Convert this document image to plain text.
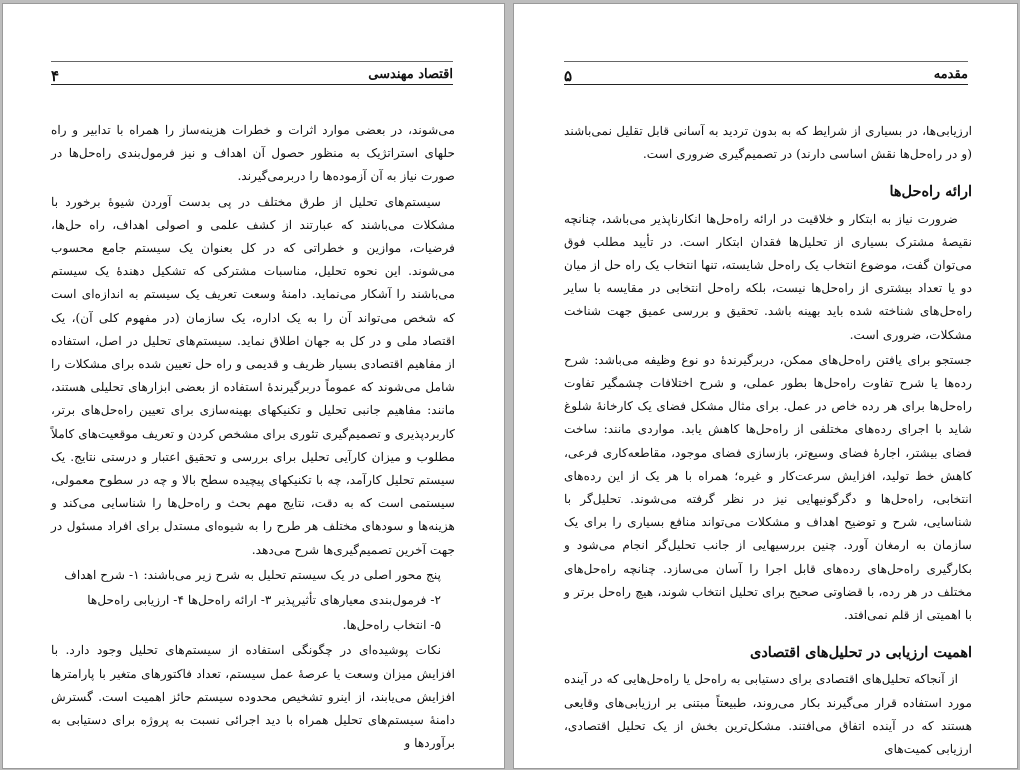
اقتصاد مهندسی
۴

می‌شوند، در بعضی موارد اثرات و خطرات هزینه‌ساز را همراه با تدابیر و راه حلهای استراتژیک به منظور حصول آن اهداف و نیز فرمول‌بندی راه‌حل‌ها در صورت نیاز به آن آزموده‌ها را دربرمی‌گیرند.

سیستم‌های تحلیل از طرق مختلف در پی بدست آوردن شیوهٔ برخورد با مشکلات می‌باشند که عبارتند از کشف علمی و اصولی اهداف، راه حل‌ها، فرضیات، موازین و خطراتی که در کل بعنوان یک سیستم جامع محسوب می‌شوند. این نحوه تحلیل، مناسبات مشترکی که تشکیل دهندهٔ یک سیستم می‌باشند را آشکار می‌نماید. دامنهٔ وسعت تعریف یک سیستم به اندازه‌ای است که شخص می‌تواند آن را به یک اداره، یک سازمان (در مفهوم کلی آن)، یک اقتصاد ملی و در کل به جهان اطلاق نماید. سیستم‌های تحلیل در اصل، استفاده از مفاهیم اقتصادی بسیار ظریف و قدیمی و راه حل تعیین شده برای مشکلات را شامل می‌شوند که عموماً دربرگیرندهٔ استفاده از بعضی ابزارهای تحلیلی هستند، مانند: مفاهیم جانبی تحلیل و تکنیکهای بهینه‌سازی برای تعیین راه‌حل‌های برتر، کاربردپذیری و تصمیم‌گیری تئوری برای مشخص کردن و تعریف موقعیت‌های کاملاً مطلوب و میزان کارآیی تحلیل برای بررسی و تحقیق اعتبار و درستی نتایج. یک سیستم تحلیل کارآمد، چه با تکنیکهای پیچیده سطح بالا و چه در سطوح معمولی، سیستمی است که به دقت، نتایج مهم بحث و راه‌حل‌ها را شناسایی می‌کند و هزینه‌ها و سودهای مختلف هر طرح را به شیوه‌ای مستدل برای افراد مسئول در جهت آخرین تصمیم‌گیری‌ها شرح می‌دهد.

پنج محور اصلی در یک سیستم تحلیل به شرح زیر می‌باشند: ۱- شرح اهداف

۲- فرمول‌بندی معیارهای تأثیرپذیر ۳- ارائه راه‌حل‌ها ۴- ارزیابی راه‌حل‌ها

۵- انتخاب راه‌حل‌ها.

نکات پوشیده‌ای در چگونگی استفاده از سیستم‌های تحلیل وجود دارد. با افزایش میزان وسعت یا عرصهٔ عمل سیستم، تعداد فاکتورهای متغیر با پارامترها افزایش می‌یابند، از اینرو تشخیص محدوده سیستم حائز اهمیت است. گسترش دامنهٔ سیستم‌های تحلیل همراه با دید اجرائی نسبت به پروژه برای دستیابی به برآوردها و

مقدمه
۵

ارزیابی‌ها، در بسیاری از شرایط که به بدون تردید به آسانی قابل تقلیل نمی‌باشند (و در راه‌حل‌ها نقش اساسی دارند) در تصمیم‌گیری ضروری است.

ارائه راه‌حل‌ها

ضرورت نیاز به ابتکار و خلاقیت در ارائه راه‌حل‌ها انکارناپذیر می‌باشد، چنانچه نقیصهٔ مشترک بسیاری از تحلیل‌ها فقدان ابتکار است. در تأیید مطلب فوق می‌توان گفت، موضوع انتخاب یک راه‌حل شایسته، تنها انتخاب یک راه حل از میان دو یا تعداد بیشتری از راه‌حل‌ها نیست، بلکه راه‌حل انتخابی در مقایسه با سایر راه‌حل‌های شناخته شده باید بهینه باشد. تحقیق و بررسی عمیق جهت شناخت مشکلات، ضروری است.

جستجو برای یافتن راه‌حل‌های ممکن، دربرگیرندهٔ دو نوع وظیفه می‌باشد: شرح رده‌ها یا شرح تفاوت راه‌حل‌ها بطور عملی، و شرح اختلافات چشمگیر تفاوت راه‌حل‌ها برای هر رده خاص در عمل. برای مثال مشکل فضای یک کارخانهٔ شلوغ شاید با اجرای رده‌های مختلفی از راه‌حل‌ها کاهش یابد. مواردی مانند: ساخت فضای بیشتر، اجارهٔ فضای وسیع‌تر، بازسازی فضای موجود، مقاطعه‌کاری فرعی، کاهش خط تولید، افزایش سرعت‌کار و غیره؛ همراه با هر یک از این رده‌های انتخابی، راه‌حل‌ها و دگرگونیهایی نیز در نظر گرفته می‌شوند. تحلیل‌گر با شناسایی، شرح و توضیح اهداف و مشکلات می‌تواند منافع بسیاری را برای یک سازمان به ارمغان آورد. چنین بررسیهایی از جانب تحلیل‌گر انجام می‌شود و بکارگیری راه‌حل‌های رده‌های قابل اجرا را آسان می‌سازد. چنانچه راه‌حل‌های مختلف در هر رده، با قضاوتی صحیح برای تحلیل انتخاب شوند، هیچ راه‌حل برتر و با اهمیتی از قلم نمی‌افتد.

اهمیت ارزیابی در تحلیل‌های اقتصادی

از آنجاکه تحلیل‌های اقتصادی برای دستیابی به راه‌حل یا راه‌حل‌هایی که در آینده مورد استفاده قرار می‌گیرند بکار می‌روند، طبیعتاً مبتنی بر ارزیابی‌های وقایعی هستند که در آینده اتفاق می‌افتند. مشکل‌ترین بخش از یک تحلیل اقتصادی، ارزیابی کمیت‌های
